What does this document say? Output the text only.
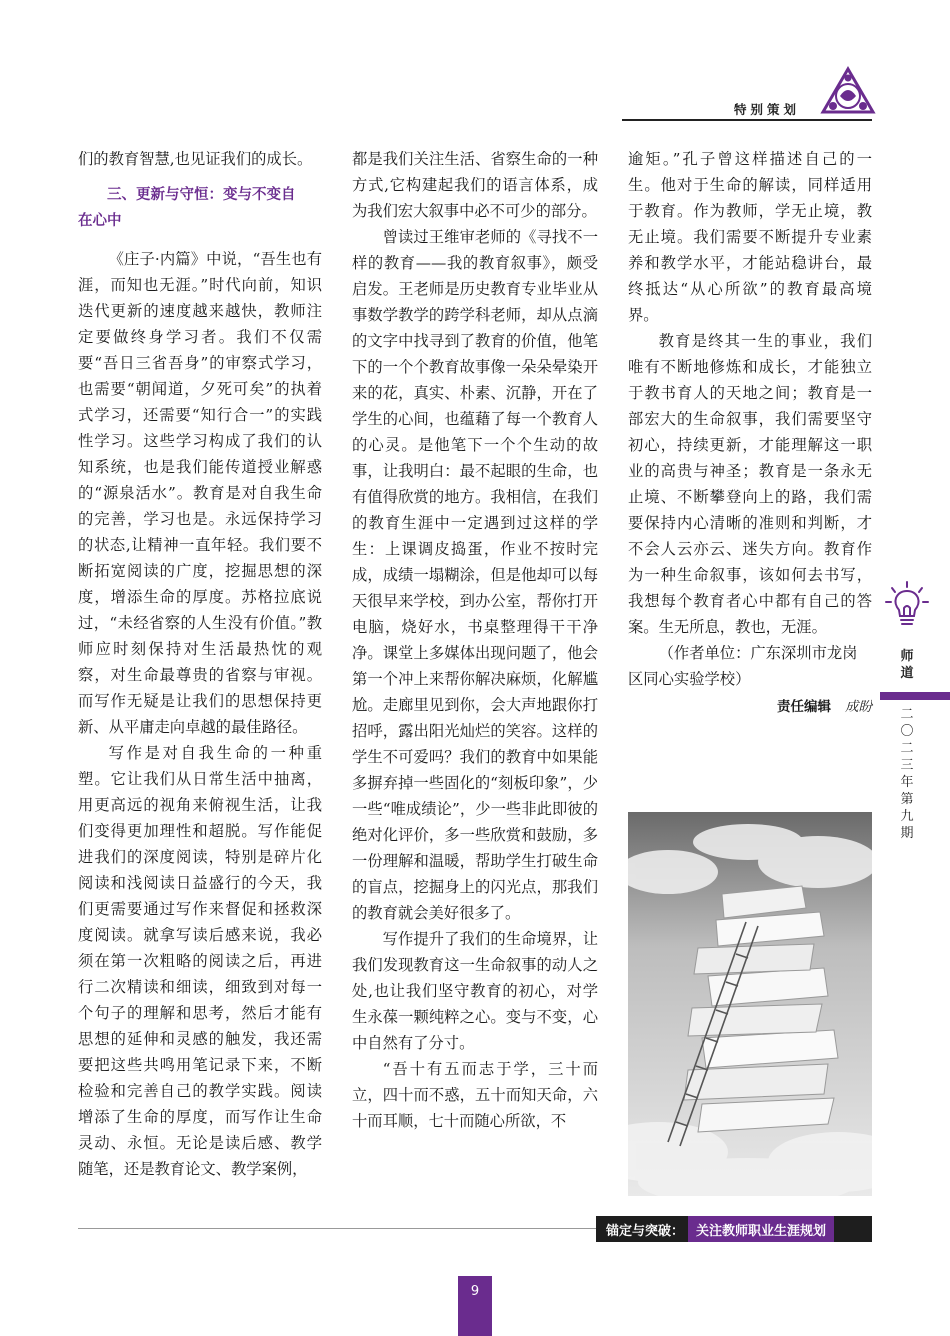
特别策划

们的教育智慧,也见证我们的成长。

三、更新与守恒：变与不变自
在心中

《庄子·内篇》中说，“吾生也有涯，而知也无涯。”时代向前，知识迭代更新的速度越来越快，教师注定要做终身学习者。我们不仅需要“吾日三省吾身”的审察式学习，也需要“朝闻道，夕死可矣”的执着式学习，还需要“知行合一”的实践性学习。这些学习构成了我们的认知系统，也是我们能传道授业解惑的“源泉活水”。教育是对自我生命的完善，学习也是。永远保持学习的状态,让精神一直年轻。我们要不断拓宽阅读的广度，挖掘思想的深度，增添生命的厚度。苏格拉底说过，“未经省察的人生没有价值。”教师应时刻保持对生活最热忱的观察，对生命最尊贵的省察与审视。而写作无疑是让我们的思想保持更新、从平庸走向卓越的最佳路径。

写作是对自我生命的一种重塑。它让我们从日常生活中抽离，用更高远的视角来俯视生活，让我们变得更加理性和超脱。写作能促进我们的深度阅读，特别是碎片化阅读和浅阅读日益盛行的今天，我们更需要通过写作来督促和拯救深度阅读。就拿写读后感来说，我必须在第一次粗略的阅读之后，再进行二次精读和细读，细致到对每一个句子的理解和思考，然后才能有思想的延伸和灵感的触发，我还需要把这些共鸣用笔记录下来，不断检验和完善自己的教学实践。阅读增添了生命的厚度，而写作让生命灵动、永恒。无论是读后感、教学随笔，还是教育论文、教学案例，

都是我们关注生活、省察生命的一种方式,它构建起我们的语言体系，成为我们宏大叙事中必不可少的部分。

曾读过王维审老师的《寻找不一样的教育——我的教育叙事》，颇受启发。王老师是历史教育专业毕业从事数学教学的跨学科老师，却从点滴的文字中找寻到了教育的价值，他笔下的一个个教育故事像一朵朵晕染开来的花，真实、朴素、沉静，开在了学生的心间，也蕴藉了每一个教育人的心灵。是他笔下一个个生动的故事，让我明白：最不起眼的生命，也有值得欣赏的地方。我相信，在我们的教育生涯中一定遇到过这样的学生：上课调皮捣蛋，作业不按时完成，成绩一塌糊涂，但是他却可以每天很早来学校，到办公室，帮你打开电脑，烧好水，书桌整理得干干净净。课堂上多媒体出现问题了，他会第一个冲上来帮你解决麻烦，化解尴尬。走廊里见到你，会大声地跟你打招呼，露出阳光灿烂的笑容。这样的学生不可爱吗？我们的教育中如果能多摒弃掉一些固化的“刻板印象”，少一些“唯成绩论”，少一些非此即彼的绝对化评价，多一些欣赏和鼓励，多一份理解和温暖，帮助学生打破生命的盲点，挖掘身上的闪光点，那我们的教育就会美好很多了。

写作提升了我们的生命境界，让我们发现教育这一生命叙事的动人之处,也让我们坚守教育的初心，对学生永葆一颗纯粹之心。变与不变，心中自然有了分寸。

“吾十有五而志于学，三十而立，四十而不惑，五十而知天命，六十而耳顺，七十而随心所欲，不

逾矩。”孔子曾这样描述自己的一生。他对于生命的解读，同样适用于教育。作为教师，学无止境，教无止境。我们需要不断提升专业素养和教学水平，才能站稳讲台，最终抵达“从心所欲”的教育最高境界。

教育是终其一生的事业，我们唯有不断地修炼和成长，才能独立于教书育人的天地之间；教育是一部宏大的生命叙事，我们需要坚守初心，持续更新，才能理解这一职业的高贵与神圣；教育是一条永无止境、不断攀登向上的路，我们需要保持内心清晰的准则和判断，才不会人云亦云、迷失方向。教育作为一种生命叙事，该如何去书写，我想每个教育者心中都有自己的答案。生无所息，教也，无涯。

（作者单位：广东深圳市龙岗区同心实验学校）

责任编辑 成盼
师道
二〇二三年第九期
锚定与突破： 关注教师职业生涯规划
9
